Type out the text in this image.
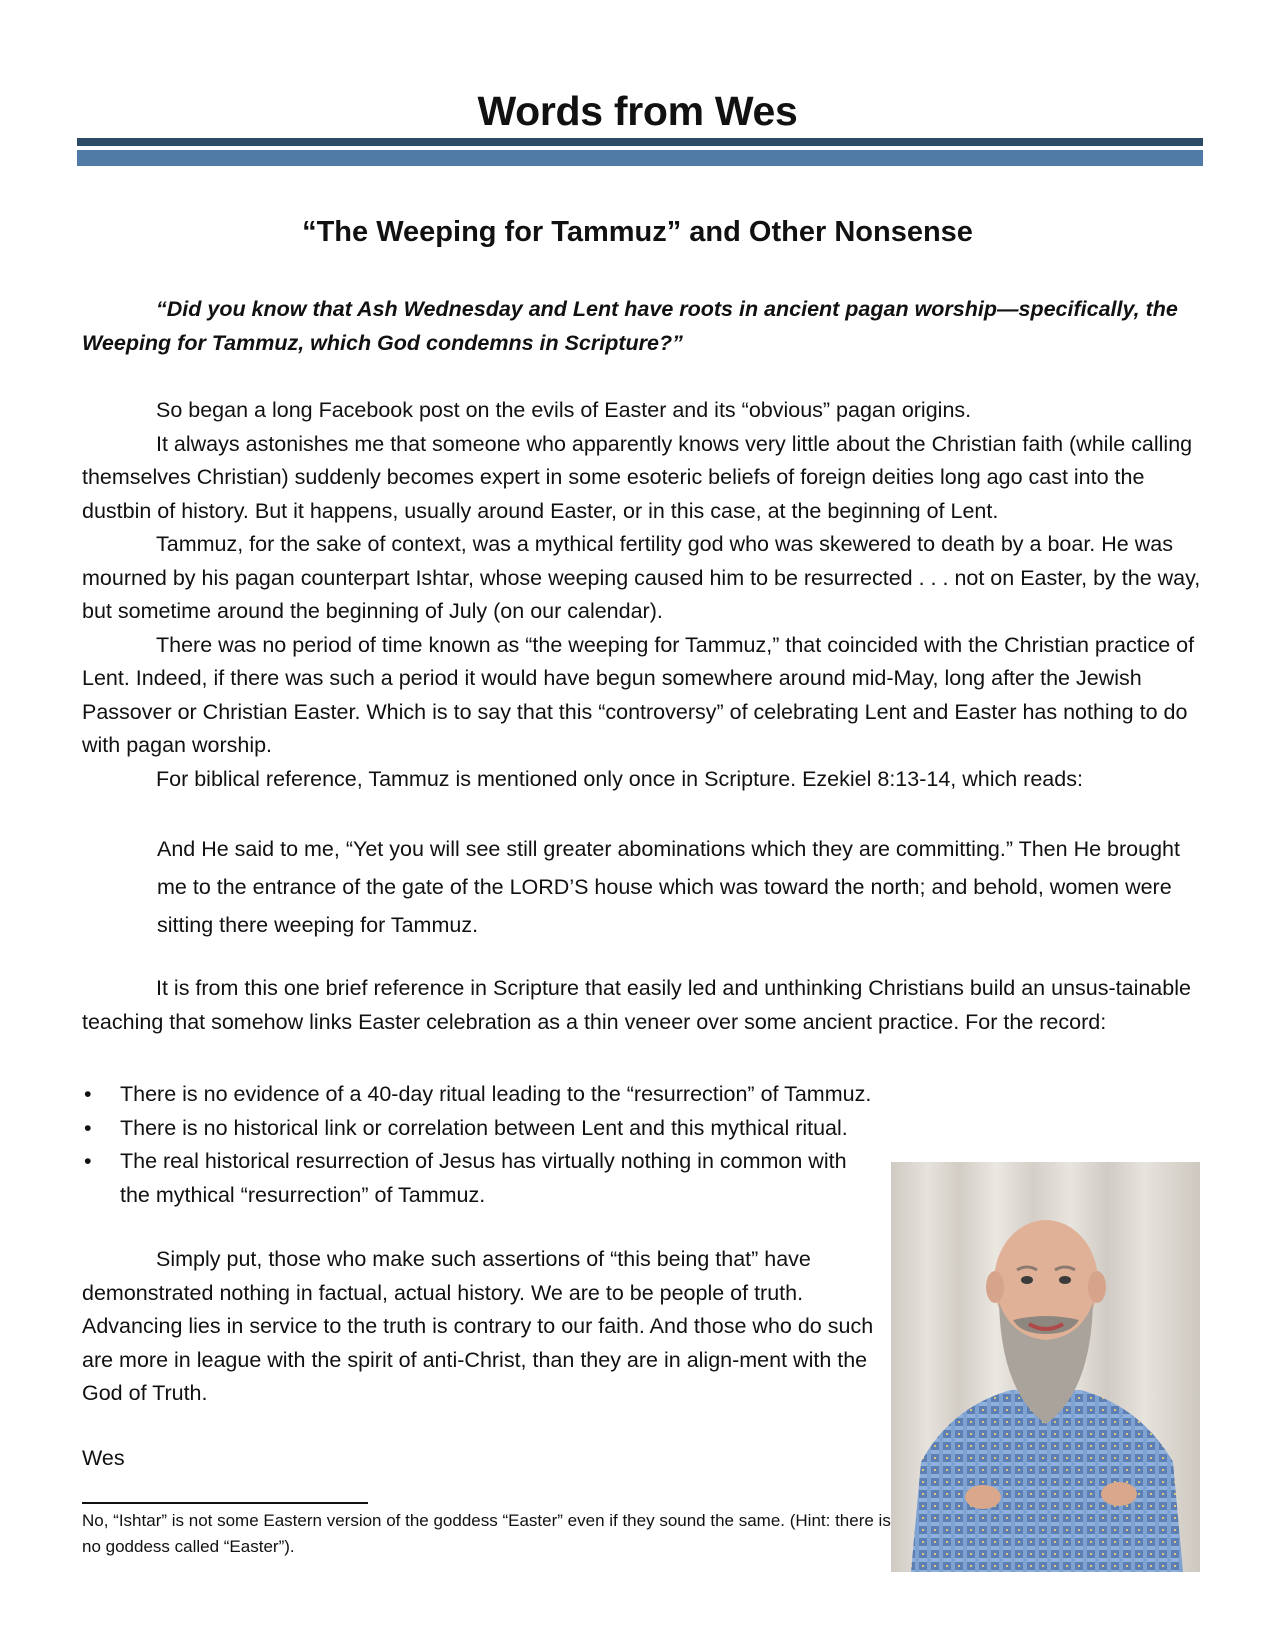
Words from Wes
“The Weeping for Tammuz” and Other Nonsense

“Did you know that Ash Wednesday and Lent have roots in ancient pagan worship—specifically, the Weeping for Tammuz, which God condemns in Scripture?”

So began a long Facebook post on the evils of Easter and its “obvious” pagan origins.

It always astonishes me that someone who apparently knows very little about the Christian faith (while calling themselves Christian) suddenly becomes expert in some esoteric beliefs of foreign deities long ago cast into the dustbin of history. But it happens, usually around Easter, or in this case, at the beginning of Lent.

Tammuz, for the sake of context, was a mythical fertility god who was skewered to death by a boar. He was mourned by his pagan counterpart Ishtar, whose weeping caused him to be resurrected . . . not on Easter, by the way, but sometime around the beginning of July (on our calendar).

There was no period of time known as “the weeping for Tammuz,” that coincided with the Christian practice of Lent. Indeed, if there was such a period it would have begun somewhere around mid-May, long after the Jewish Passover or Christian Easter. Which is to say that this “controversy” of celebrating Lent and Easter has nothing to do with pagan worship.

For biblical reference, Tammuz is mentioned only once in Scripture. Ezekiel 8:13-14, which reads:

And He said to me, “Yet you will see still greater abominations which they are committing.” Then He brought me to the entrance of the gate of the LORD’S house which was toward the north; and behold, women were sitting there weeping for Tammuz.

It is from this one brief reference in Scripture that easily led and unthinking Christians build an unsus-tainable teaching that somehow links Easter celebration as a thin veneer over some ancient practice. For the record:

• There is no evidence of a 40-day ritual leading to the “resurrection” of Tammuz.
• There is no historical link or correlation between Lent and this mythical ritual.
• The real historical resurrection of Jesus has virtually nothing in common with the mythical “resurrection” of Tammuz.

Simply put, those who make such assertions of “this being that” have demonstrated nothing in factual, actual history. We are to be people of truth. Advancing lies in service to the truth is contrary to our faith. And those who do such are more in league with the spirit of anti-Christ, than they are in align-ment with the God of Truth.

Wes
No, “Ishtar” is not some Eastern version of the goddess “Easter” even if they sound the same. (Hint: there is no goddess called “Easter”).
